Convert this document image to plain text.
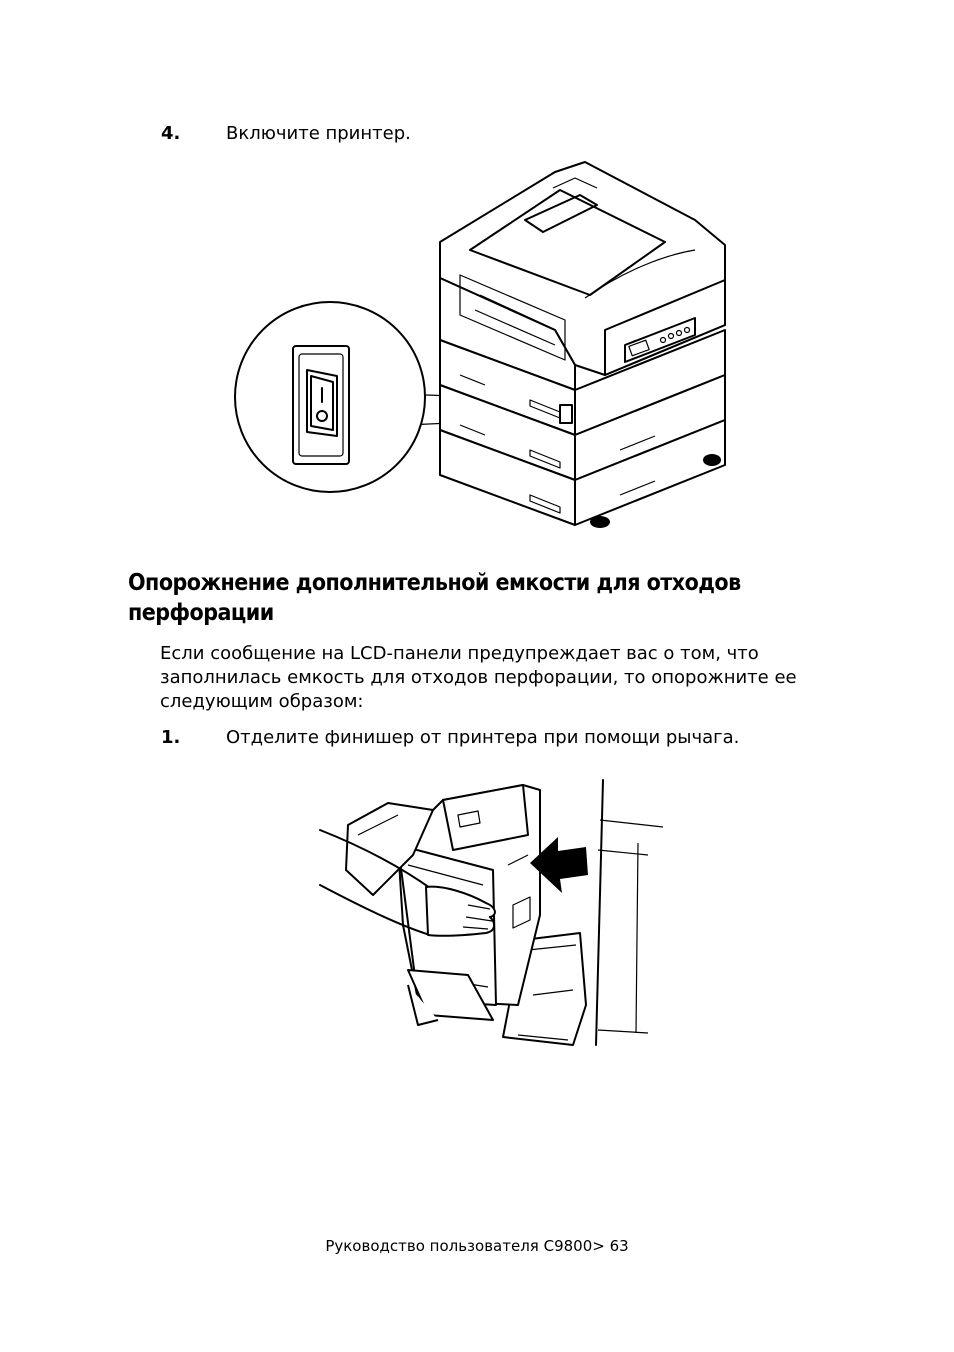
4.	Включите принтер.
Опорожнение дополнительной емкости для отходов
перфорации
Если сообщение на LCD-панели предупреждает вас о том, что
заполнилась емкость для отходов перфорации, то опорожните ее
следующим образом:
1.	Отделите финишер от принтера при помощи рычага.
Руководство пользователя C9800> 63
